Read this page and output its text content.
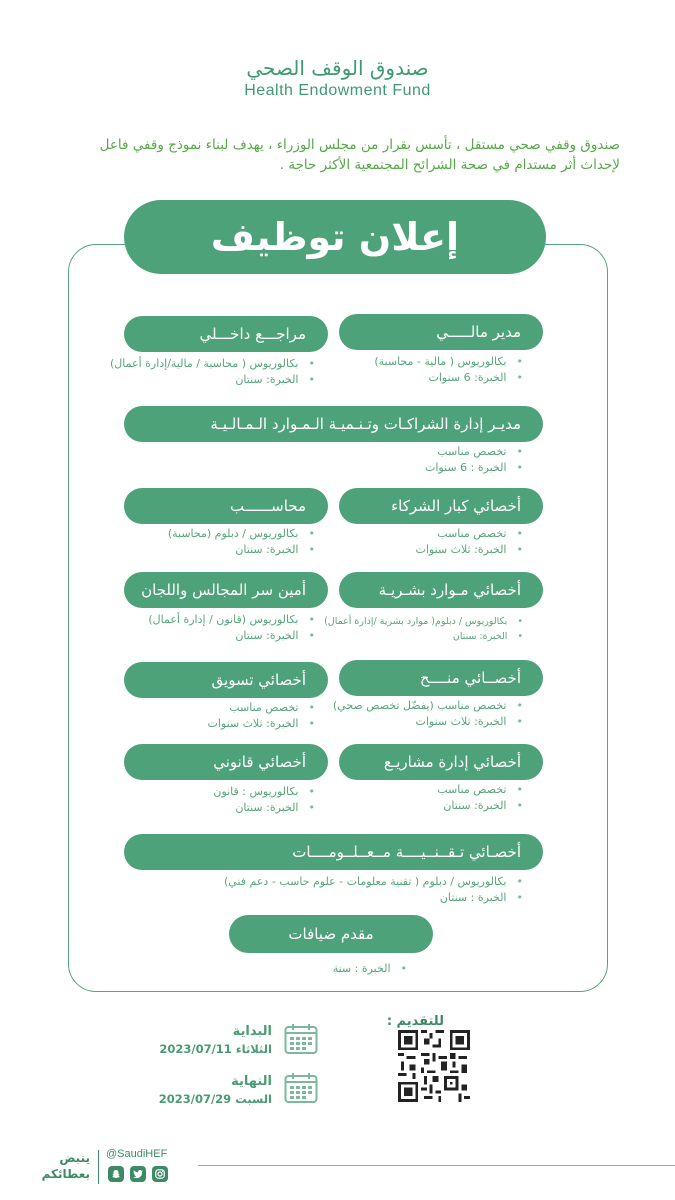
صندوق الوقف الصحي
Health Endowment Fund
صندوق وقفي صحي مستقل ، تأسس بقرار من مجلس الوزراء ، يهدف لبناء نموذج وقفي فاعل لإحداث أثر مستدام في صحة الشرائح المجتمعية الأكثر حاجة .
إعلان توظيف
مدير مالـــــي
• بكالوريوس ( مالية - محاسبة)
• الخبرة: 6 سنوات
مراجـــع داخـــلي
• بكالوريوس ( محاسبة / مالية/إدارة أعمال)
• الخبرة: سنتان
مديـر إدارة الشراكـات وتـنـميـة الـمـوارد الـمـالـيـة
• تخصص مناسب
• الخبرة : 6 سنوات
أخصائي كبار الشركاء
• تخصص مناسب
• الخبرة: ثلاث سنوات
محاســــــب
• بكالوريوس / دبلوم (محاسبة)
• الخبرة: سنتان
أخصائي مـوارد بشـريـة
• بكالوريوس / دبلوم( موارد بشرية /إدارة أعمال)
• الخبرة: سنتان
أمين سر المجالس واللجان
• بكالوريوس (قانون / إدارة أعمال)
• الخبرة: سنتان
أخصــائي منــــح
• تخصص مناسب (يفضّل تخصص صحي)
• الخبرة: ثلاث سنوات
أخصائي تسويق
• تخصص مناسب
• الخبرة: ثلاث سنوات
أخصائي إدارة مشاريـع
• تخصص مناسب
• الخبرة: سنتان
أخصائي قانوني
• بكالوريوس : قانون
• الخبرة: سنتان
أخصـائي تـقــنــيــــة مــعــلــومــــات
• بكالوريوس / دبلوم ( تقنية معلومات - علوم حاسب - دعم فني)
• الخبرة : سنتان
مقدم ضيافات
• الخبرة : سنة
للتقديم :
البداية
الثلاثاء 2023/07/11
النهاية
السبت 2023/07/29
ينبض
بعطائكم
@SaudiHEF
